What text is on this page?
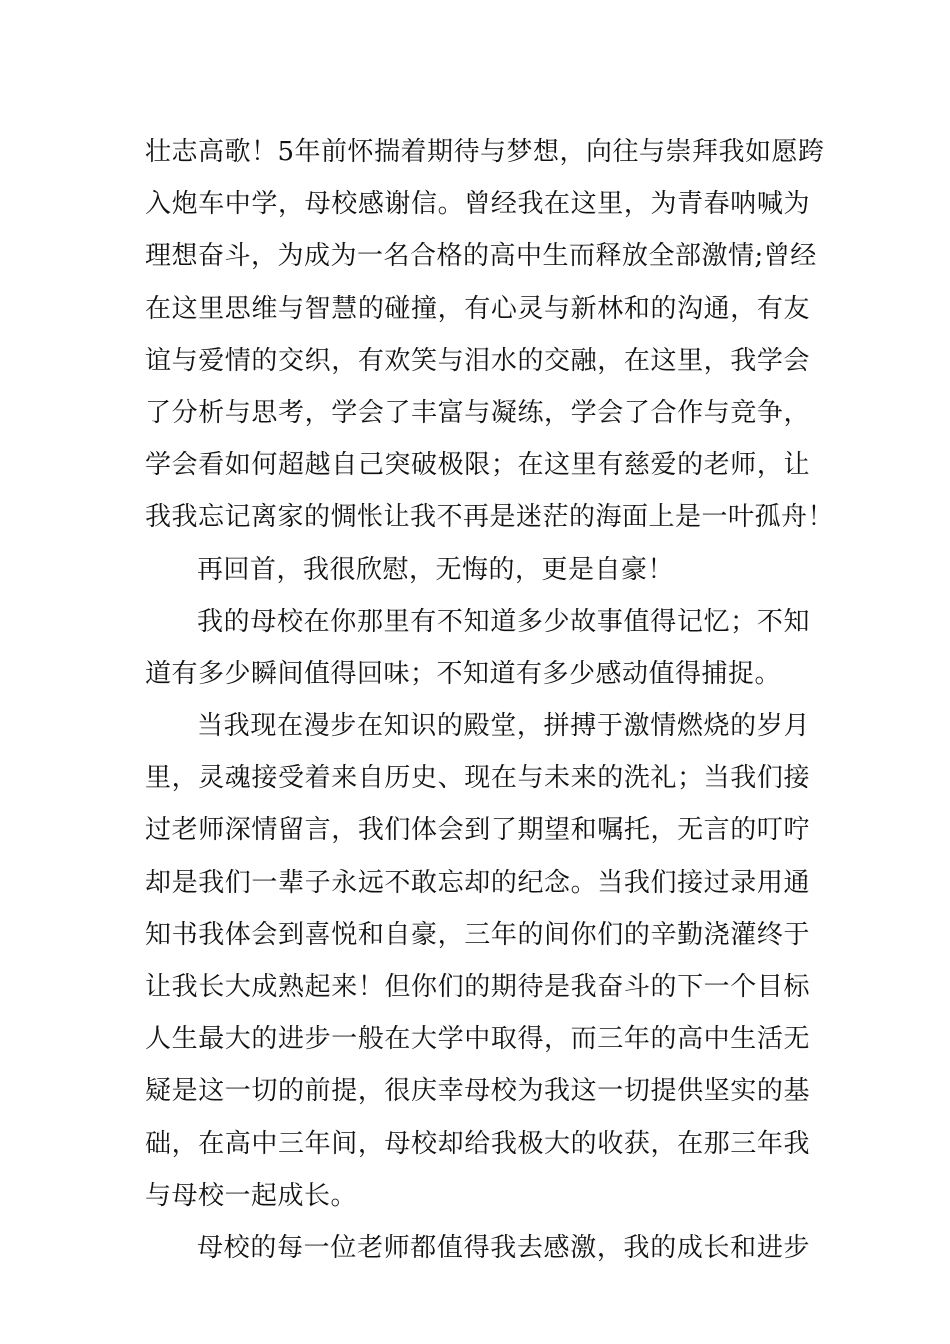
壮志高歌！5年前怀揣着期待与梦想，向往与崇拜我如愿跨
入炮车中学，母校感谢信。曾经我在这里，为青春呐喊为
理想奋斗，为成为一名合格的高中生而释放全部激情;曾经
在这里思维与智慧的碰撞，有心灵与新林和的沟通，有友
谊与爱情的交织，有欢笑与泪水的交融，在这里，我学会
了分析与思考，学会了丰富与凝练，学会了合作与竞争，
学会看如何超越自己突破极限；在这里有慈爱的老师，让
我我忘记离家的惆怅让我不再是迷茫的海面上是一叶孤舟！
再回首，我很欣慰，无悔的，更是自豪！
我的母校在你那里有不知道多少故事值得记忆；不知
道有多少瞬间值得回味；不知道有多少感动值得捕捉。
当我现在漫步在知识的殿堂，拼搏于激情燃烧的岁月
里，灵魂接受着来自历史、现在与未来的洗礼；当我们接
过老师深情留言，我们体会到了期望和嘱托，无言的叮咛
却是我们一辈子永远不敢忘却的纪念。当我们接过录用通
知书我体会到喜悦和自豪，三年的间你们的辛勤浇灌终于
让我长大成熟起来！但你们的期待是我奋斗的下一个目标
人生最大的进步一般在大学中取得，而三年的高中生活无
疑是这一切的前提，很庆幸母校为我这一切提供坚实的基
础，在高中三年间，母校却给我极大的收获，在那三年我
与母校一起成长。
母校的每一位老师都值得我去感激，我的成长和进步
